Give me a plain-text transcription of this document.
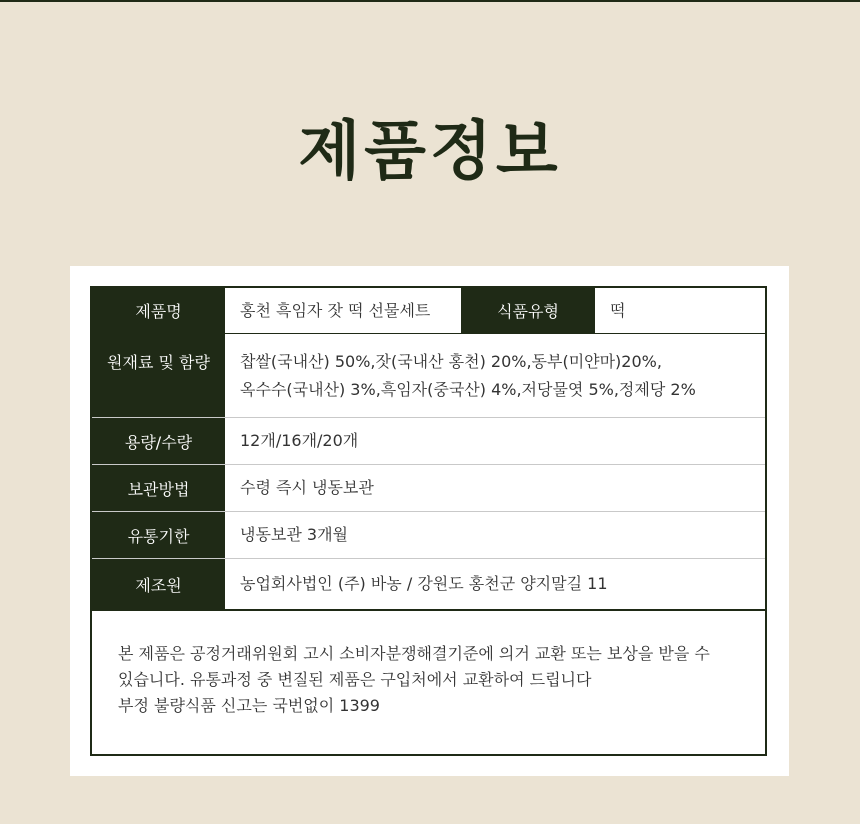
제품정보
제품명	홍천 흑임자 잣 떡 선물세트	식품유형	떡
원재료 및 함량	찹쌀(국내산) 50%,잣(국내산 홍천) 20%,동부(미얀마)20%,
옥수수(국내산) 3%,흑임자(중국산) 4%,저당물엿 5%,정제당 2%
용량/수량	12개/16개/20개
보관방법	수령 즉시 냉동보관
유통기한	냉동보관 3개월
제조원	농업회사법인 (주) 바농 / 강원도 홍천군 양지말길 11
본 제품은 공정거래위원회 고시 소비자분쟁해결기준에 의거 교환 또는 보상을 받을 수
있습니다. 유통과정 중 변질된 제품은 구입처에서 교환하여 드립니다
부정 불량식품 신고는 국번없이 1399
